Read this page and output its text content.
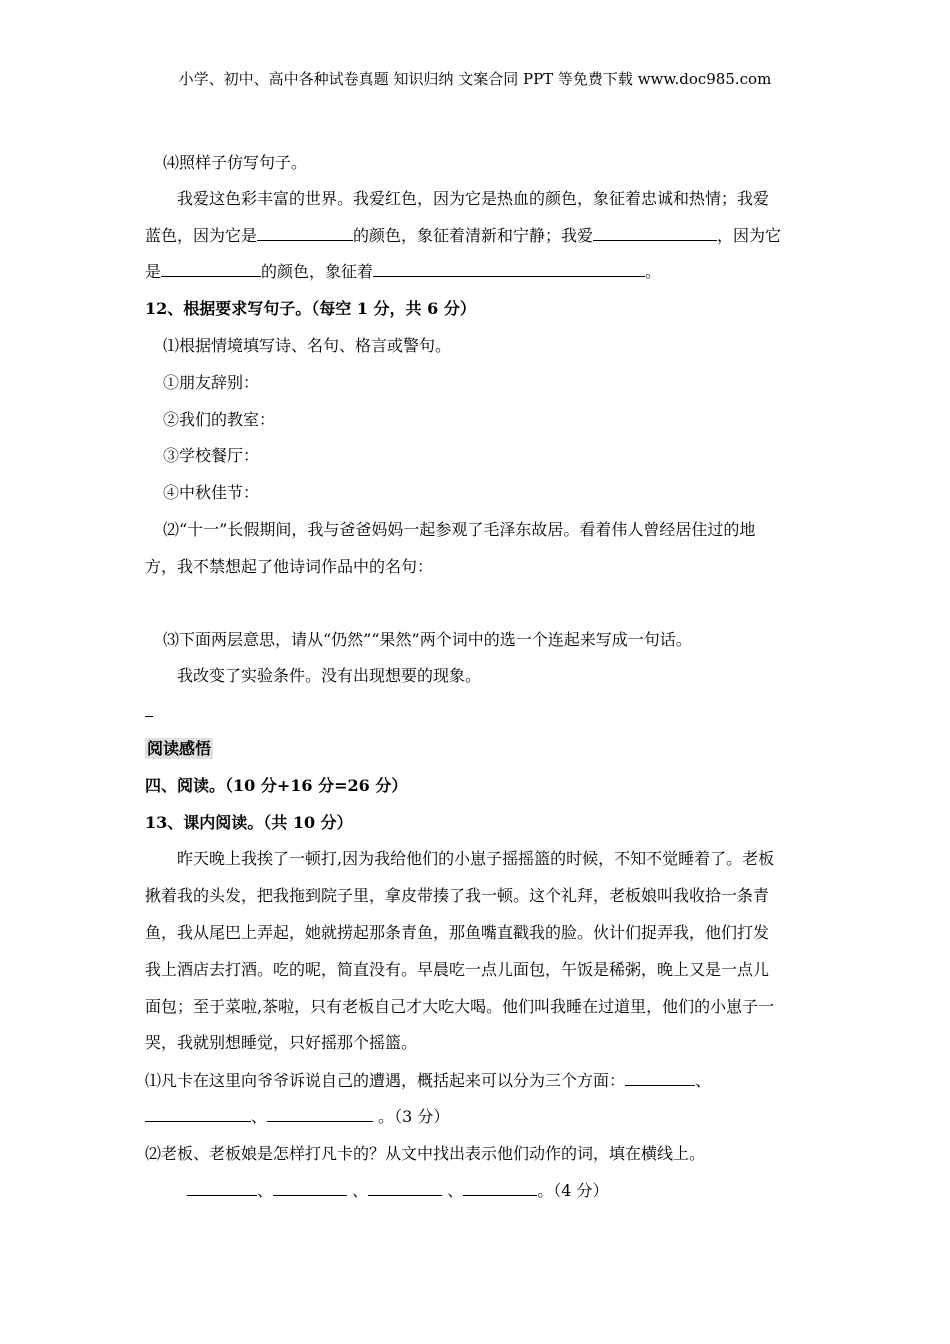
小学、初中、高中各种试卷真题 知识归纳 文案合同 PPT 等免费下载 www.doc985.com
⑷照样子仿写句子。
我爱这色彩丰富的世界。我爱红色，因为它是热血的颜色，象征着忠诚和热情；我爱
蓝色，因为它是	的颜色，象征着清新和宁静；我爱	，因为它
是	的颜色，象征着	。
12、根据要求写句子。（每空 1 分，共 6 分）
⑴根据情境填写诗、名句、格言或警句。
①朋友辞别：
②我们的教室：
③学校餐厅：
④中秋佳节：
⑵“十一”长假期间，我与爸爸妈妈一起参观了毛泽东故居。看着伟人曾经居住过的地
方，我不禁想起了他诗词作品中的名句：
⑶下面两层意思，请从“仍然”“果然”两个词中的选一个连起来写成一句话。
我改变了实验条件。没有出现想要的现象。
阅读感悟
四、阅读。（10 分+16 分=26 分）
13、课内阅读。（共 10 分）
昨天晚上我挨了一顿打,因为我给他们的小崽子摇摇篮的时候，不知不觉睡着了。老板
揪着我的头发，把我拖到院子里，拿皮带揍了我一顿。这个礼拜，老板娘叫我收拾一条青
鱼，我从尾巴上弄起，她就捞起那条青鱼，那鱼嘴直戳我的脸。伙计们捉弄我，他们打发
我上酒店去打酒。吃的呢，简直没有。早晨吃一点儿面包，午饭是稀粥，晚上又是一点儿
面包；至于菜啦,茶啦，只有老板自己才大吃大喝。他们叫我睡在过道里，他们的小崽子一
哭，我就别想睡觉，只好摇那个摇篮。
⑴凡卡在这里向爷爷诉说自己的遭遇，概括起来可以分为三个方面：	、
、	。（3 分）
⑵老板、老板娘是怎样打凡卡的？从文中找出表示他们动作的词，填在横线上。
、	、	、	。（4 分）
